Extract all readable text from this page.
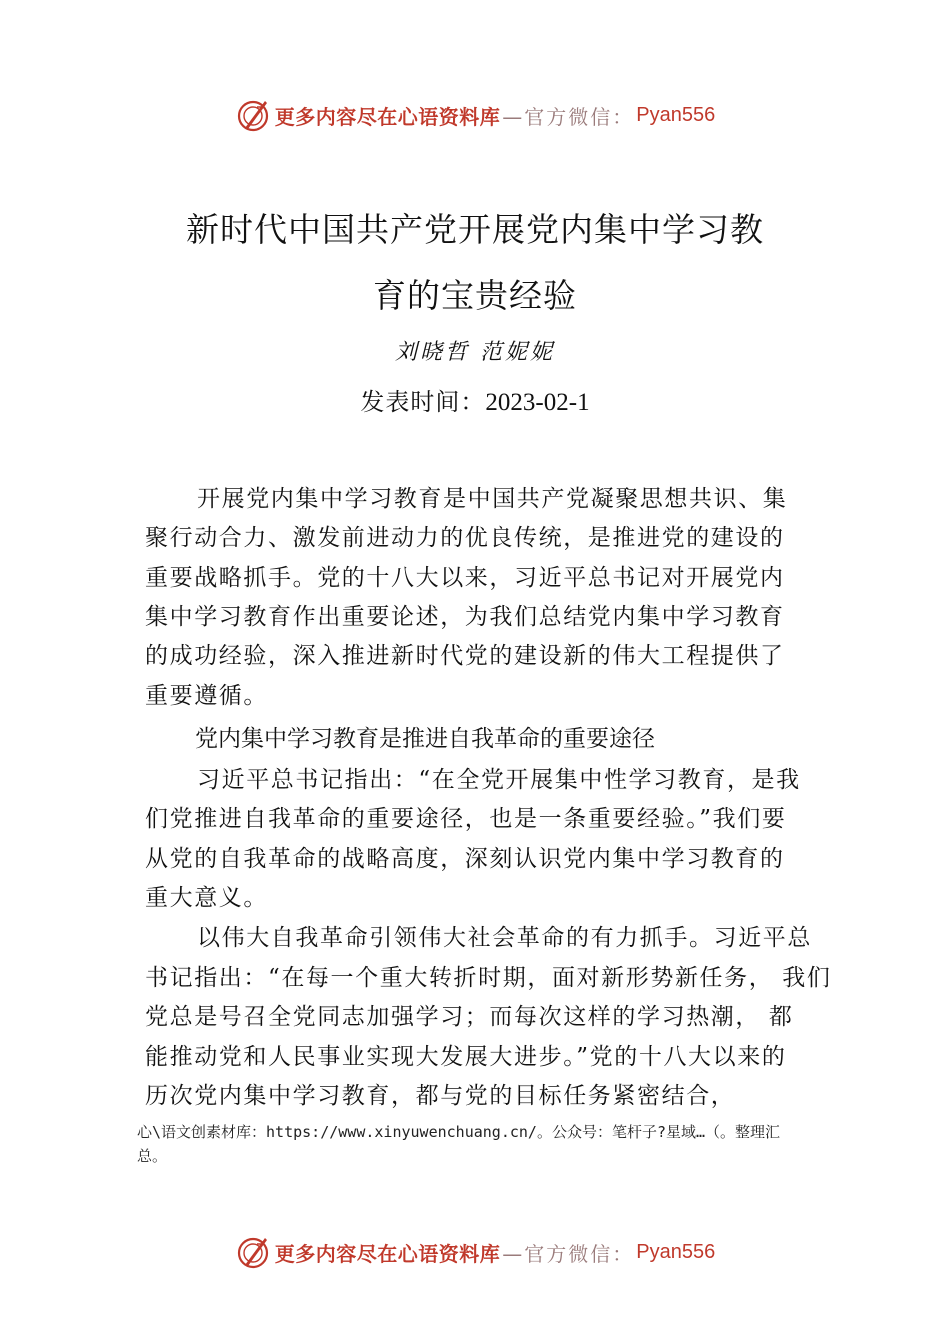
更多内容尽在心语资料库 —官方微信： Pyan556
新时代中国共产党开展党内集中学习教
育的宝贵经验
刘晓哲 范妮妮
发表时间：2023-02-1
开展党内集中学习教育是中国共产党凝聚思想共识、集
聚行动合力、激发前进动力的优良传统，是推进党的建设的
重要战略抓手。党的十八大以来，习近平总书记对开展党内
集中学习教育作出重要论述，为我们总结党内集中学习教育
的成功经验，深入推进新时代党的建设新的伟大工程提供了
重要遵循。
党内集中学习教育是推进自我革命的重要途径
习近平总书记指出：“在全党开展集中性学习教育，是我
们党推进自我革命的重要途径，也是一条重要经验。”我们要
从党的自我革命的战略高度，深刻认识党内集中学习教育的
重大意义。
以伟大自我革命引领伟大社会革命的有力抓手。习近平总
书记指出：“在每一个重大转折时期，面对新形势新任务， 我们
党总是号召全党同志加强学习；而每次这样的学习热潮， 都
能推动党和人民事业实现大发展大进步。”党的十八大以来的
历次党内集中学习教育，都与党的目标任务紧密结合，
心\语文创素材库：https://www.xinyuwenchuang.cn/。公众号：笔杆子?星域…（。整理汇
总。
更多内容尽在心语资料库 —官方微信： Pyan556
